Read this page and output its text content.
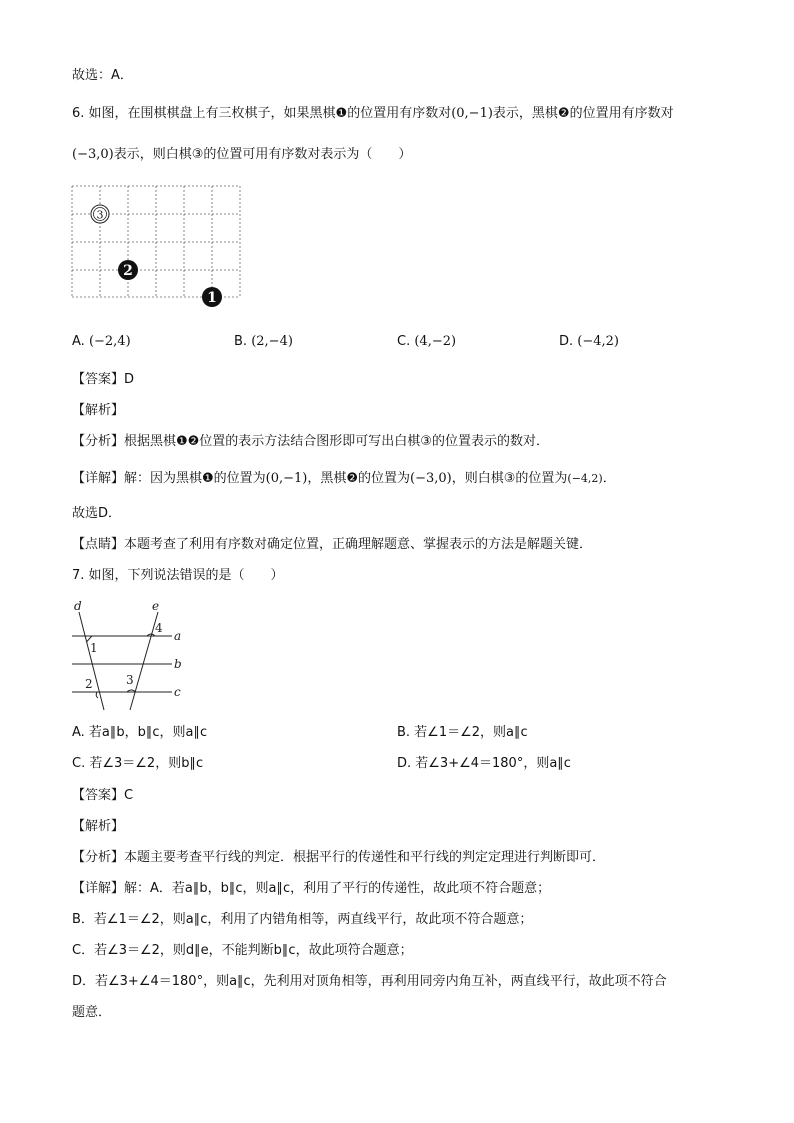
故选：A．
6. 如图，在围棋棋盘上有三枚棋子，如果黑棋❶的位置用有序数对(0,−1)表示，黑棋❷的位置用有序数对
(−3,0)表示，则白棋③的位置可用有序数对表示为（　　）
3
2
1
A. (−2,4)	B. (2,−4)	C. (4,−2)	D. (−4,2)
【答案】D
【解析】
【分析】根据黑棋❶❷位置的表示方法结合图形即可写出白棋③的位置表示的数对．
【详解】解：因为黑棋❶的位置为(0,−1)，黑棋❷的位置为(−3,0)，则白棋③的位置为(−4,2)．
故选D．
【点睛】本题考查了利用有序数对确定位置，正确理解题意、掌握表示的方法是解题关键．
7. 如图，下列说法错误的是（　　）
d	e
a
b
c
1
2	3
4
A. 若a∥b，b∥c，则a∥c	B. 若∠1＝∠2，则a∥c
C. 若∠3＝∠2，则b∥c	D. 若∠3+∠4＝180°，则a∥c
【答案】C
【解析】
【分析】本题主要考查平行线的判定．根据平行的传递性和平行线的判定定理进行判断即可．
【详解】解：A．若a∥b，b∥c，则a∥c，利用了平行的传递性，故此项不符合题意；
B．若∠1＝∠2，则a∥c，利用了内错角相等，两直线平行，故此项不符合题意；
C．若∠3＝∠2，则d∥e，不能判断b∥c，故此项符合题意；
D．若∠3+∠4＝180°，则a∥c，先利用对顶角相等，再利用同旁内角互补，两直线平行，故此项不符合
题意．
